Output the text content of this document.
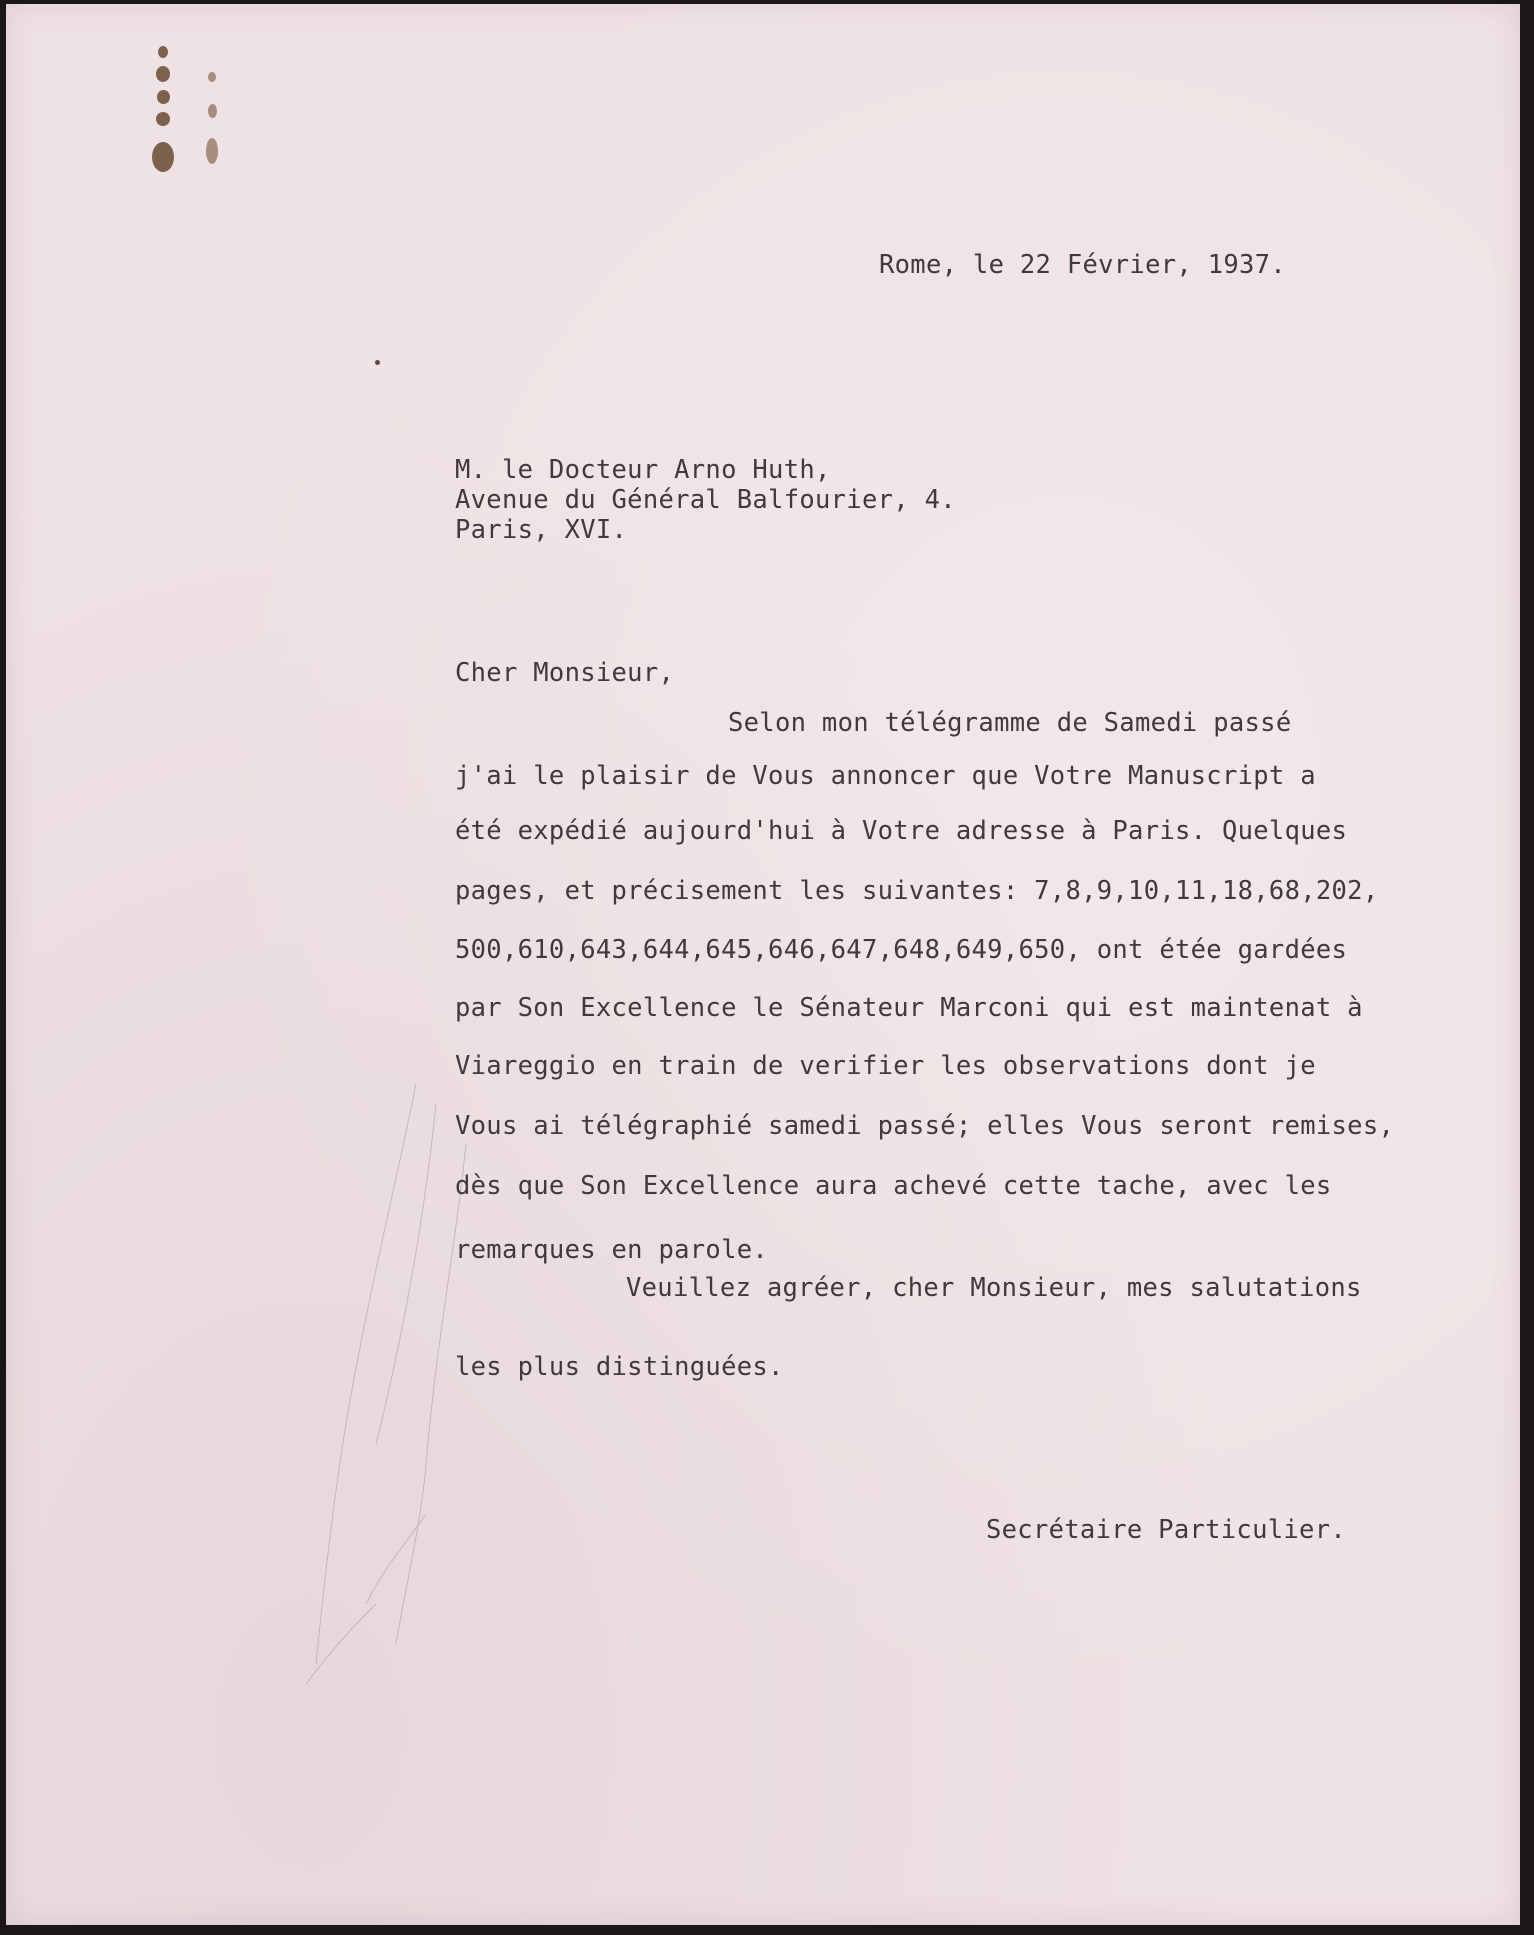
Rome, le 22 Février, 1937.

M. le Docteur Arno Huth,

Avenue du Général Balfourier, 4.

Paris, XVI.

Cher Monsieur,

Selon mon télégramme de Samedi passé

j'ai le plaisir de Vous annoncer que Votre Manuscript a

été expédié aujourd'hui à Votre adresse à Paris. Quelques

pages, et précisement les suivantes: 7,8,9,10,11,18,68,202,

500,610,643,644,645,646,647,648,649,650, ont étée gardées

par Son Excellence le Sénateur Marconi qui est maintenat à

Viareggio en train de verifier les observations dont je

Vous ai télégraphié samedi passé; elles Vous seront remises,

dès que Son Excellence aura achevé cette tache, avec les

remarques en parole.

Veuillez agréer, cher Monsieur, mes salutations

les plus distinguées.

Secrétaire Particulier.
